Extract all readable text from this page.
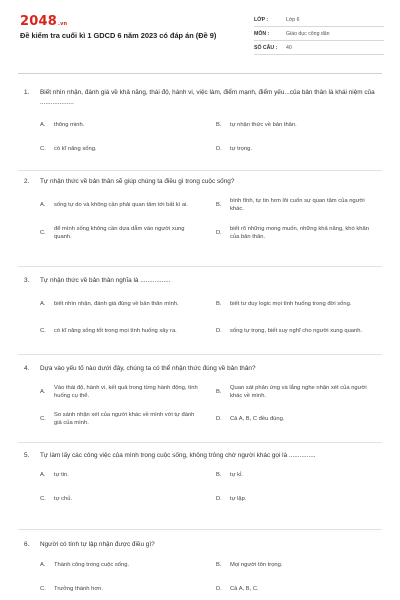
2048.vn
Đề kiểm tra cuối kì 1 GDCD 6 năm 2023 có đáp án (Đề 9)
LỚP :	Lớp 6
MÔN :	Giáo dục công dân
SỐ CÂU :	40
1.	Biết nhìn nhận, đánh giá về khả năng, thái độ, hành vi, việc làm, điểm mạnh, điểm yếu...của bản thân là khái niệm của ...................
A.	thông minh.	B.	tự nhận thức về bản thân.
C.	có kĩ năng sống.	D.	tự trọng.
2.	Tự nhận thức về bản thân sẽ giúp chúng ta điều gì trong cuộc sống?
A.	sống tự do và không cần phải quan tâm tới bất kì ai.	B.
bình tĩnh, tự tin hơn lôi cuốn sự quan tâm của người khác.
C.
để mình sống không cần dựa dẫm vào người xung quanh.
D.
biết rõ những mong muốn, những khả năng, khó khăn của bản thân.
3.	Tự nhận thức về bản thân nghĩa là .................
A.	biết nhìn nhận, đánh giá đúng về bản thân mình.	B.	biết tư duy logic mọi tình huống trong đời sống.
C.	có kĩ năng sống tốt trong mọi tình huống xảy ra.	D.	sống tự trọng, biết suy nghĩ cho người xung quanh.
4.	Dựa vào yếu tố nào dưới đây, chúng ta có thể nhận thức đúng về bản thân?
A.
Vào thái độ, hành vi, kết quả trong từng hành động, tình huống cụ thể.
B.
Quan sát phản ứng và lắng nghe nhận xét của người khác về mình.
C.
So sánh nhận xét của người khác về mình với tự đánh giá của mình.
D.	Cả A, B, C đều đúng.
5.	Tự làm lấy các công việc của mình trong cuộc sống, không trông chờ người khác gọi là ...............
A.	tự tin.	B.	tự kỉ.
C.	tự chủ.	D.	tự lập.
6.	Người có tính tự lập nhận được điều gì?
A.	Thành công trong cuộc sống.	B.	Mọi người tôn trọng.
C.	Trưởng thành hơn.	D.	Cả A, B, C.
